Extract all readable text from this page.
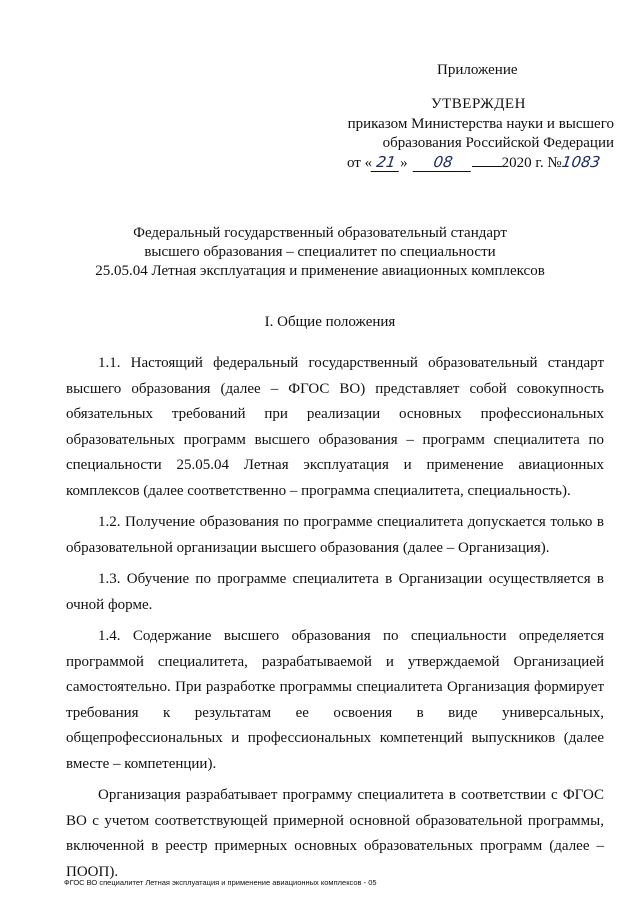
Приложение
УТВЕРЖДЕН
приказом Министерства науки и высшего
образования Российской Федерации
от « 21 » 08	2020 г. №1083
Федеральный государственный образовательный стандарт
высшего образования – специалитет по специальности
25.05.04 Летная эксплуатация и применение авиационных комплексов
I. Общие положения

1.1. Настоящий федеральный государственный образовательный стандарт высшего образования (далее – ФГОС ВО) представляет собой совокупность обязательных требований при реализации основных профессиональных образовательных программ высшего образования – программ специалитета по специальности 25.05.04 Летная эксплуатация и применение авиационных комплексов (далее соответственно – программа специалитета, специальность).

1.2. Получение образования по программе специалитета допускается только в образовательной организации высшего образования (далее – Организация).

1.3. Обучение по программе специалитета в Организации осуществляется в очной форме.

1.4. Содержание высшего образования по специальности определяется программой специалитета, разрабатываемой и утверждаемой Организацией самостоятельно. При разработке программы специалитета Организация формирует требования к результатам ее освоения в виде универсальных, общепрофессиональных и профессиональных компетенций выпускников (далее вместе – компетенции).

Организация разрабатывает программу специалитета в соответствии с ФГОС ВО с учетом соответствующей примерной основной образовательной программы, включенной в реестр примерных основных образовательных программ (далее – ПООП).

ФГОС ВО специалитет Летная эксплуатация и применение авиационных комплексов - 05
